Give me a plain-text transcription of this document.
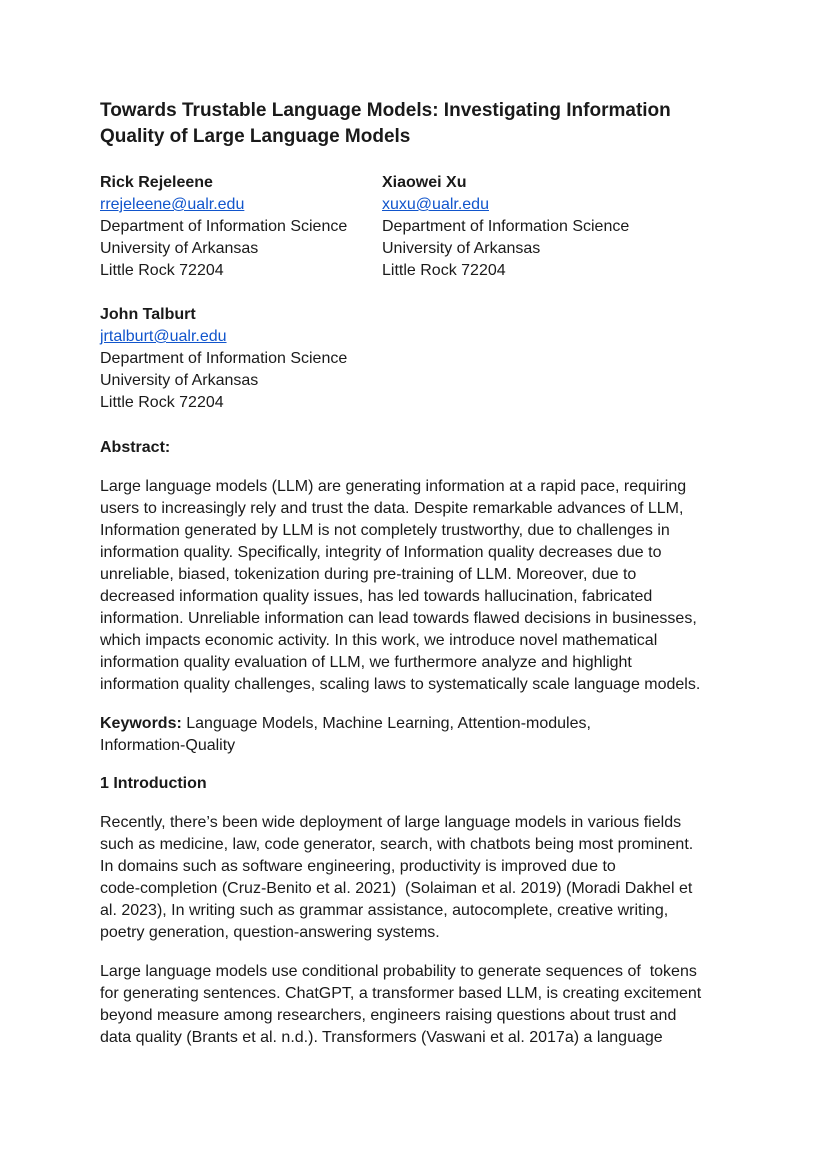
Towards Trustable Language Models: Investigating Information
Quality of Large Language Models
Rick Rejeleene
rrejeleene@ualr.edu
Department of Information Science
University of Arkansas
Little Rock 72204
Xiaowei Xu
xuxu@ualr.edu
Department of Information Science
University of Arkansas
Little Rock 72204
John Talburt
jrtalburt@ualr.edu
Department of Information Science
University of Arkansas
Little Rock 72204
Abstract:

Large language models (LLM) are generating information at a rapid pace, requiring
users to increasingly rely and trust the data. Despite remarkable advances of LLM,
Information generated by LLM is not completely trustworthy, due to challenges in
information quality. Specifically, integrity of Information quality decreases due to
unreliable, biased, tokenization during pre-training of LLM. Moreover, due to
decreased information quality issues, has led towards hallucination, fabricated
information. Unreliable information can lead towards flawed decisions in businesses,
which impacts economic activity. In this work, we introduce novel mathematical
information quality evaluation of LLM, we furthermore analyze and highlight
information quality challenges, scaling laws to systematically scale language models.

Keywords: Language Models, Machine Learning, Attention-modules,
Information-Quality

1 Introduction

Recently, there’s been wide deployment of large language models in various fields
such as medicine, law, code generator, search, with chatbots being most prominent.
In domains such as software engineering, productivity is improved due to
code-completion (Cruz-Benito et al. 2021)  (Solaiman et al. 2019) (Moradi Dakhel et
al. 2023), In writing such as grammar assistance, autocomplete, creative writing,
poetry generation, question-answering systems.

Large language models use conditional probability to generate sequences of  tokens
for generating sentences. ChatGPT, a transformer based LLM, is creating excitement
beyond measure among researchers, engineers raising questions about trust and
data quality (Brants et al. n.d.). Transformers (Vaswani et al. 2017a) a language
